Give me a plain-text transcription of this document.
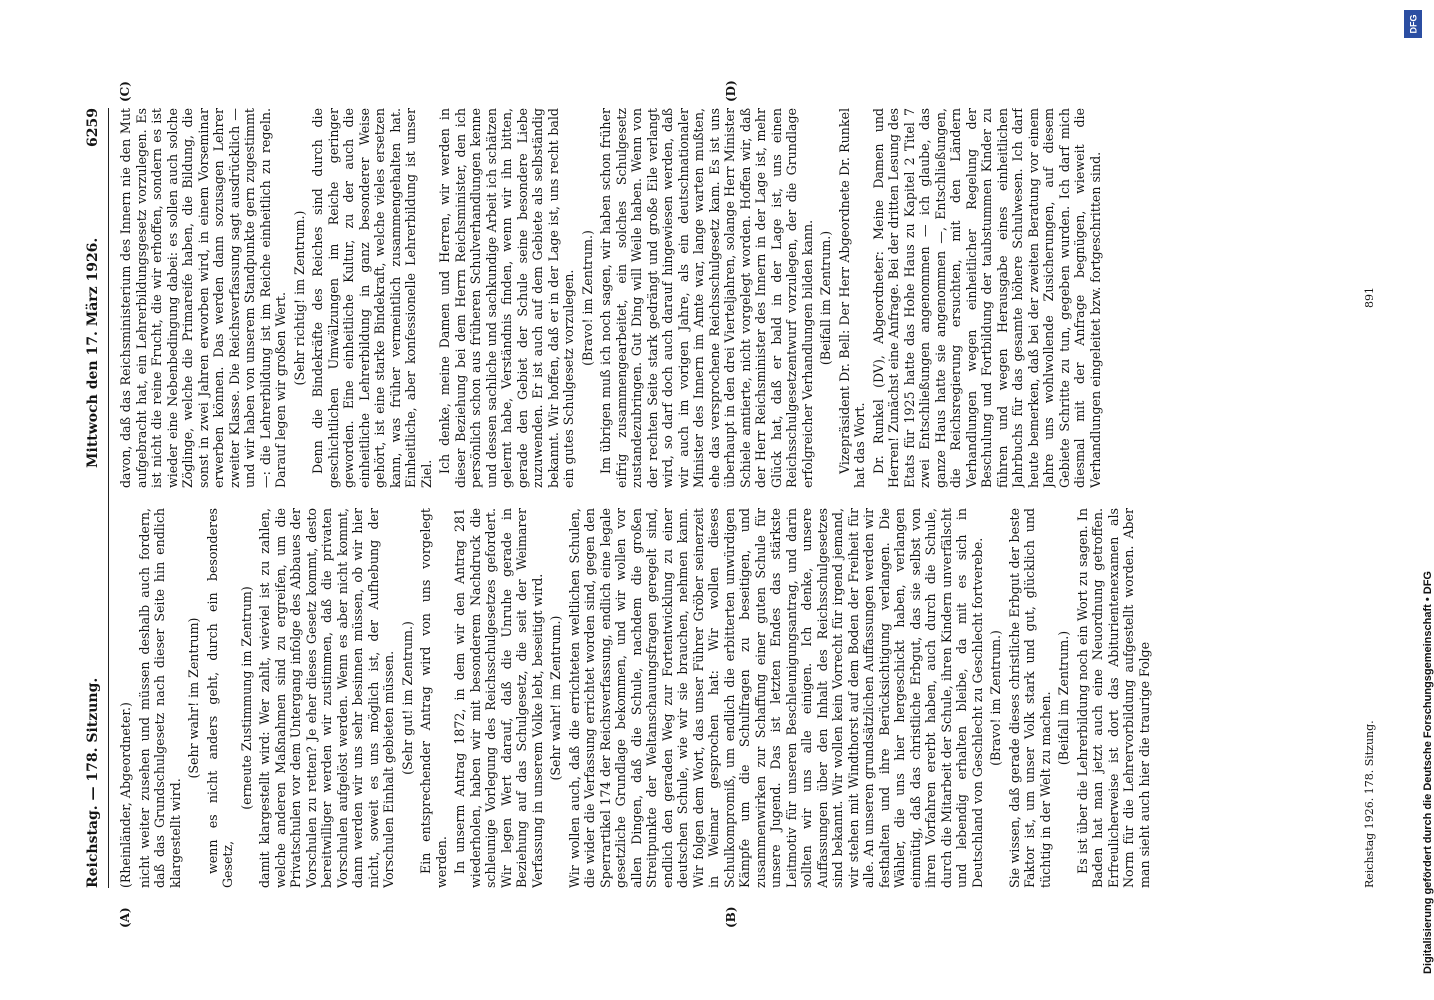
Reichstag. — 178. Sitzung.
Mittwoch den 17. März 1926.
6259
(A)	(B)
(C)	(D)

(Rheinländer, Abgeordneter.) nicht weiter zusehen und müssen deshalb auch fordern, daß das Grundschulgesetz nach dieser Seite hin endlich klargestellt wird.

(Sehr wahr! im Zentrum) wenn es nicht anders geht, durch ein besonderes Gesetz,

(erneute Zustimmung im Zentrum) damit klargestellt wird: Wer zahlt, wieviel ist zu zahlen, welche anderen Maßnahmen sind zu ergreifen, um die Privatschulen vor dem Untergang infolge des Abbaues der Vorschulen zu retten? Je eher dieses Gesetz kommt, desto bereitwilliger werden wir zustimmen, daß die privaten Vorschulen aufgelöst werden. Wenn es aber nicht kommt, dann werden wir uns sehr besinnen müssen, ob wir hier nicht, soweit es uns möglich ist, der Aufhebung der Vorschulen Einhalt gebieten müssen. (Sehr gut! im Zentrum.) Ein entsprechender Antrag wird von uns vorgelegt werden. In unserm Antrag 1872, in dem wir den Antrag 281 wiederholen, haben wir mit besonderem Nachdruck die schleunige Vorlegung des Reichsschulgesetzes gefordert. Wir legen Wert darauf, daß die Unruhe gerade in Beziehung auf das Schulgesetz, die seit der Weimarer Verfassung in unserem Volke lebt, beseitigt wird. (Sehr wahr! im Zentrum.) Wir wollen auch, daß die errichteten weltlichen Schulen, die wider die Verfassung errichtet worden sind, gegen den Sperrartikel 174 der Reichsverfassung, endlich eine legale gesetzliche Grundlage bekommen, und wir wollen vor allen Dingen, daß die Schule, nachdem die großen Streitpunkte der Weltanschauungsfragen geregelt sind, endlich den geraden Weg zur Fortentwicklung zu einer deutschen Schule, wie wir sie brauchen, nehmen kann. Wir folgen dem Wort, das unser Führer Gröber seinerzeit in Weimar gesprochen hat: Wir wollen dieses Schulkompromiß, um endlich die erbitterten unwürdigen Kämpfe um die Schulfragen zu beseitigen, und zusammenwirken zur Schaffung einer guten Schule für unsere Jugend. Das ist letzten Endes das stärkste Leitmotiv für unseren Beschleunigungsantrag, und darin sollten wir uns alle einigen. Ich denke, unsere Auffassungen über den Inhalt des Reichsschulgesetzes sind bekannt. Wir wollen kein Vorrecht für irgend jemand, wir stehen mit Windthorst auf dem Boden der Freiheit für alle. An unseren grundsätzlichen Auffassungen werden wir festhalten und ihre Berücksichtigung verlangen. Die Wähler, die uns hier hergeschickt haben, verlangen einmütig, daß das christliche Erbgut, das sie selbst von ihren Vorfahren ererbt haben, auch durch die Schule, durch die Mitarbeit der Schule, ihren Kindern unverfälscht und lebendig erhalten bleibe, da mit es sich in Deutschland von Geschlecht zu Geschlecht fortverebe. (Bravo! im Zentrum.) Sie wissen, daß gerade dieses christliche Erbgut der beste Faktor ist, um unser Volk stark und gut, glücklich und tüchtig in der Welt zu machen. (Beifall im Zentrum.) Es ist über die Lehrerbildung noch ein Wort zu sagen. In Baden hat man jetzt auch eine Neuordnung getroffen. Erfreulicherweise ist dort das Abiturientenexamen als Norm für die Lehrervorbildung aufgestellt worden. Aber man sieht auch hier die traurige Folge

davon, daß das Reichsministerium des Innern nie den Mut aufgebracht hat, ein Lehrerbildungsgesetz vorzulegen. Es ist nicht die reine Frucht, die wir erhoffen, sondern es ist wieder eine Nebenbedingung dabei: es sollen auch solche Zöglinge, welche die Primareife haben, die Bildung, die sonst in zwei Jahren erworben wird, in einem Vorseminar erwerben können. Das werden dann sozusagen Lehrer zweiter Klasse. Die Reichsverfassung sagt ausdrücklich — und wir haben von unserem Standpunkte gern zugestimmt —: die Lehrerbildung ist im Reiche einheitlich zu regeln. Darauf legen wir großen Wert. (Sehr richtig! im Zentrum.) Denn die Bindekräfte des Reiches sind durch die geschichtlichen Umwälzungen im Reiche geringer geworden. Eine einheitliche Kultur, zu der auch die einheitliche Lehrerbildung in ganz besonderer Weise gehört, ist eine starke Bindekraft, welche vieles ersetzen kann, was früher vermeintlich zusammengehalten hat. Einheitliche, aber konfessionelle Lehrerbildung ist unser Ziel. Ich denke, meine Damen und Herren, wir werden in dieser Beziehung bei dem Herrn Reichsminister, den ich persönlich schon aus früheren Schulverhandlungen kenne und dessen sachliche und sachkundige Arbeit ich schätzen gelernt habe, Verständnis finden, wenn wir ihn bitten, gerade den Gebiet der Schule seine besondere Liebe zuzuwenden. Er ist auch auf dem Gebiete als selbständig bekannt. Wir hoffen, daß er in der Lage ist, uns recht bald ein gutes Schulgesetz vorzulegen. (Bravo! im Zentrum.) Im übrigen muß ich noch sagen, wir haben schon früher eifrig zusammengearbeitet, ein solches Schulgesetz zustandezubringen. Gut Ding will Weile haben. Wenn von der rechten Seite stark gedrängt und große Eile verlangt wird, so darf doch auch darauf hingewiesen werden, daß wir auch im vorigen Jahre, als ein deutschnationaler Minister des Innern im Amte war, lange warten mußten, ehe das versprochene Reichsschulgesetz kam. Es ist uns überhaupt in den drei Vierteljahren, solange Herr Minister Schiele amtierte, nicht vorgelegt worden. Hoffen wir, daß der Herr Reichsminister des Innern in der Lage ist, mehr Glück hat, daß er bald in der Lage ist, uns einen Reichsschulgesetzentwurf vorzulegen, der die Grundlage erfolgreicher Verhandlungen bilden kann. (Beifall im Zentrum.) Vizepräsident Dr. Bell: Der Herr Abgeordnete Dr. Runkel hat das Wort. Dr. Runkel (DV), Abgeordneter: Meine Damen und Herren! Zunächst eine Anfrage. Bei der dritten Lesung des Etats für 1925 hatte das Hohe Haus zu Kapitel 2 Titel 7 zwei Entschließungen angenommen — ich glaube, das ganze Haus hatte sie angenommen —, Entschließungen, die Reichsregierung ersuchten, mit den Ländern Verhandlungen wegen einheitlicher Regelung der Beschulung und Fortbildung der taubstummen Kinder zu führen und wegen Herausgabe eines einheitlichen Jahrbuchs für das gesamte höhere Schulwesen. Ich darf heute bemerken, daß bei der zweiten Beratung vor einem Jahre uns wohlwollende Zusicherungen, auf diesem Gebiete Schritte zu tun, gegeben wurden. Ich darf mich diesmal mit der Anfrage begnügen, wieweit die Verhandlungen eingeleitet bzw. fortgeschritten sind.

Reichstag 1926. 178. Sitzung.
891
DFG
Digitalisierung gefördert durch die Deutsche Forschungsgemeinschaft • DFG
